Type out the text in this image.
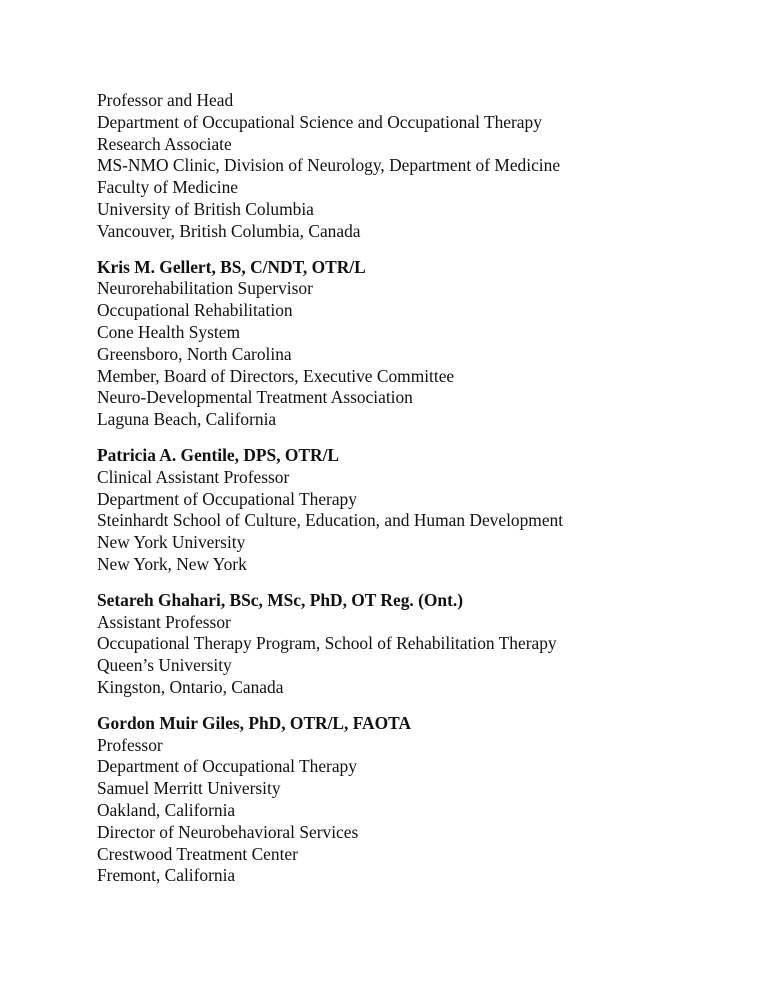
Professor and Head

Department of Occupational Science and Occupational Therapy

Research Associate

MS-NMO Clinic, Division of Neurology, Department of Medicine

Faculty of Medicine

University of British Columbia

Vancouver, British Columbia, Canada

Kris M. Gellert, BS, C/NDT, OTR/L

Neurorehabilitation Supervisor

Occupational Rehabilitation

Cone Health System

Greensboro, North Carolina

Member, Board of Directors, Executive Committee

Neuro-Developmental Treatment Association

Laguna Beach, California

Patricia A. Gentile, DPS, OTR/L

Clinical Assistant Professor

Department of Occupational Therapy

Steinhardt School of Culture, Education, and Human Development

New York University

New York, New York

Setareh Ghahari, BSc, MSc, PhD, OT Reg. (Ont.)

Assistant Professor

Occupational Therapy Program, School of Rehabilitation Therapy

Queen’s University

Kingston, Ontario, Canada

Gordon Muir Giles, PhD, OTR/L, FAOTA

Professor

Department of Occupational Therapy

Samuel Merritt University

Oakland, California

Director of Neurobehavioral Services

Crestwood Treatment Center

Fremont, California
